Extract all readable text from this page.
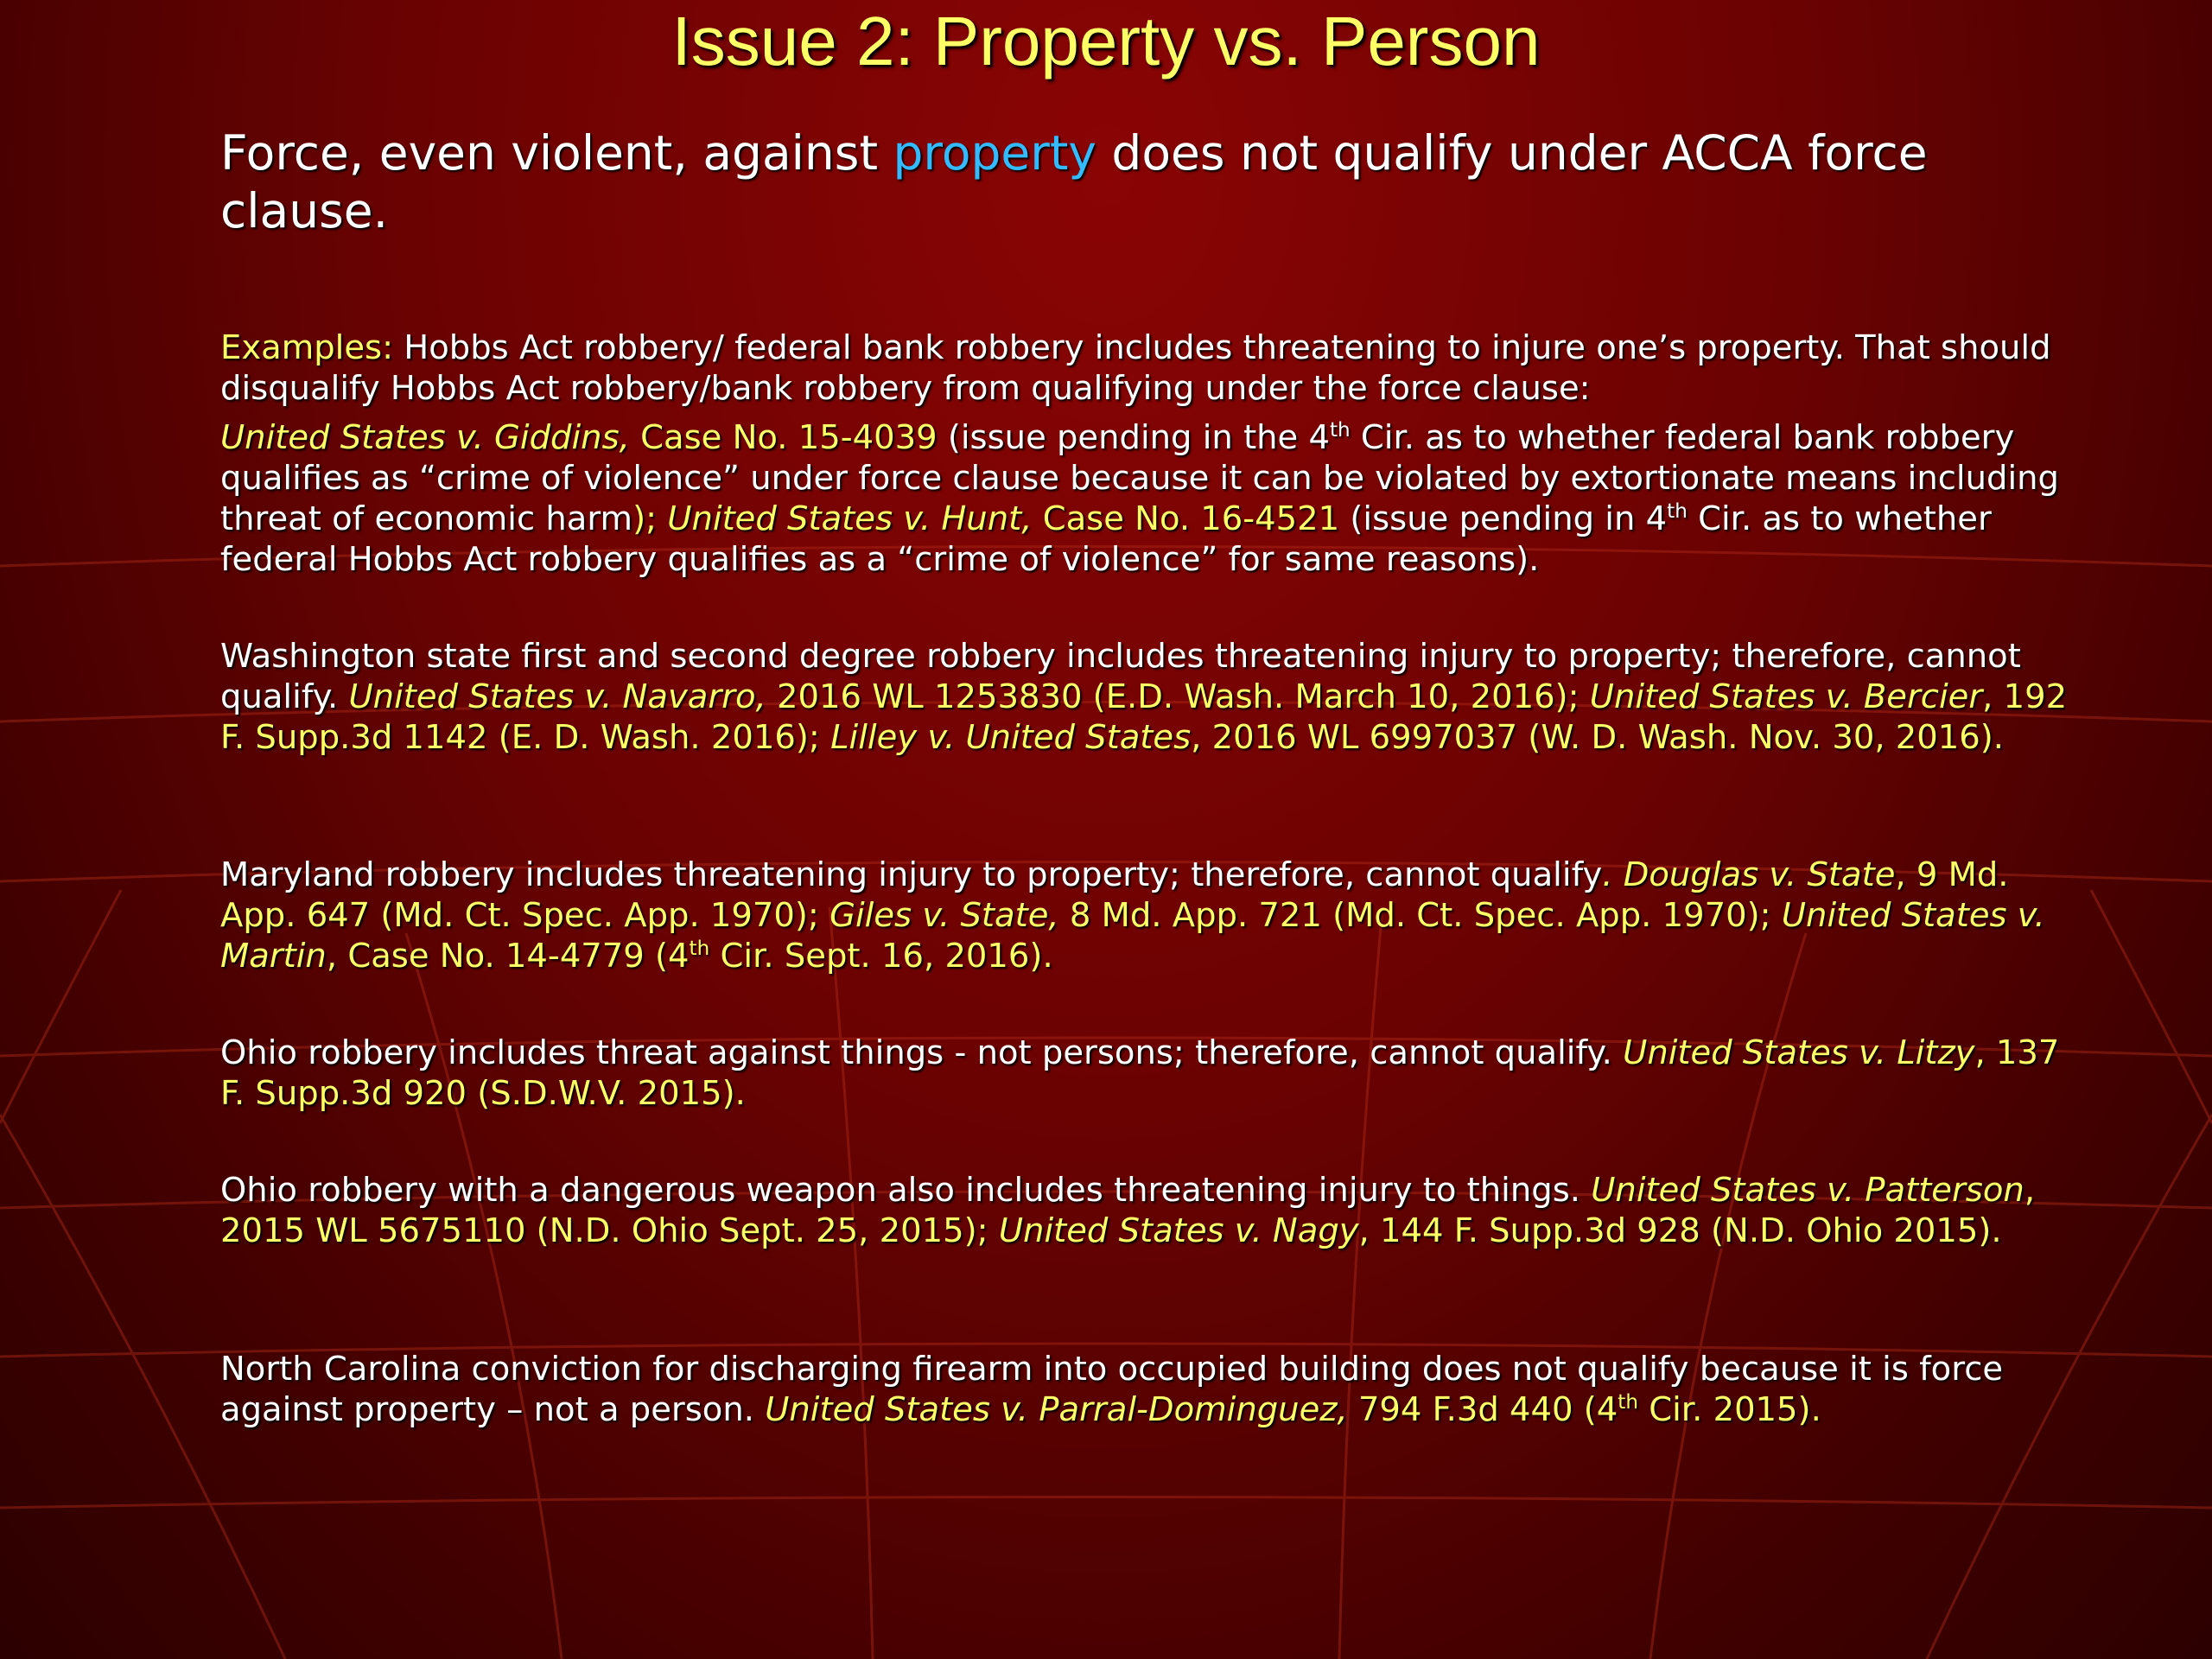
Issue 2: Property vs. Person
Force, even violent, against property does not qualify under ACCA force clause.
Examples: Hobbs Act robbery/ federal bank robbery includes threatening to injure one’s property. That should disqualify Hobbs Act robbery/bank robbery from qualifying under the force clause:
United States v. Giddins, Case No. 15-4039 (issue pending in the 4th Cir. as to whether federal bank robbery qualifies as “crime of violence” under force clause because it can be violated by extortionate means including threat of economic harm); United States v. Hunt, Case No. 16-4521 (issue pending in 4th Cir. as to whether federal Hobbs Act robbery qualifies as a “crime of violence” for same reasons).
Washington state first and second degree robbery includes threatening injury to property; therefore, cannot qualify. United States v. Navarro, 2016 WL 1253830 (E.D. Wash. March 10, 2016); United States v. Bercier, 192 F. Supp.3d 1142 (E. D. Wash. 2016); Lilley v. United States, 2016 WL 6997037 (W. D. Wash. Nov. 30, 2016).
Maryland robbery includes threatening injury to property; therefore, cannot qualify. Douglas v. State, 9 Md. App. 647 (Md. Ct. Spec. App. 1970); Giles v. State, 8 Md. App. 721 (Md. Ct. Spec. App. 1970); United States v. Martin, Case No. 14-4779 (4th Cir. Sept. 16, 2016).
Ohio robbery includes threat against things - not persons; therefore, cannot qualify. United States v. Litzy, 137 F. Supp.3d 920 (S.D.W.V. 2015).
Ohio robbery with a dangerous weapon also includes threatening injury to things. United States v. Patterson, 2015 WL 5675110 (N.D. Ohio Sept. 25, 2015); United States v. Nagy, 144 F. Supp.3d 928 (N.D. Ohio 2015).
North Carolina conviction for discharging firearm into occupied building does not qualify because it is force against property – not a person. United States v. Parral-Dominguez, 794 F.3d 440 (4th Cir. 2015).
